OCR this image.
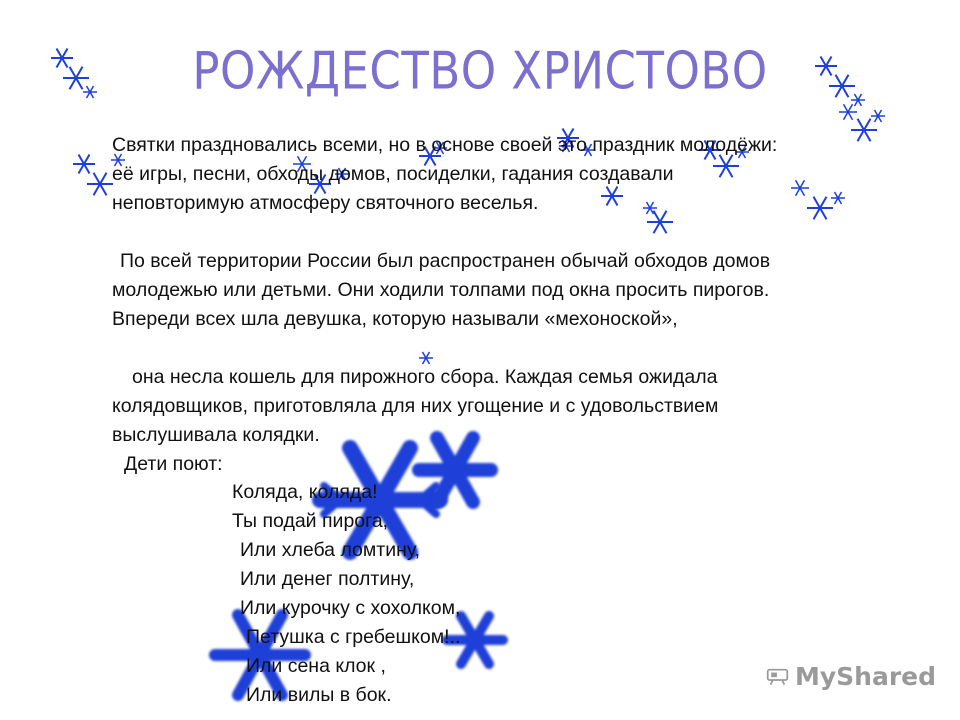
РОЖДЕСТВО ХРИСТОВО

Святки праздновались всеми, но в основе своей это праздник молодёжи: её игры, песни, обходы домов, посиделки, гадания создавали неповторимую атмосферу святочного веселья.

По всей территории России был распространен обычай обходов домов молодежью или детьми. Они ходили толпами под окна просить пирогов. Впереди всех шла девушка, которую называли «мехоноской»,

она несла кошель для пирожного сбора. Каждая семья ожидала колядовщиков, приготовляла для них угощение и с удовольствием выслушивала колядки.

Дети поют:

Коляда, коляда!
Ты подай пирога,
Или хлеба ломтину,
Или денег полтину,
Или курочку с хохолком,
Петушка с гребешком!..
Или сена клок ,
Или вилы в бок.
MyShared
